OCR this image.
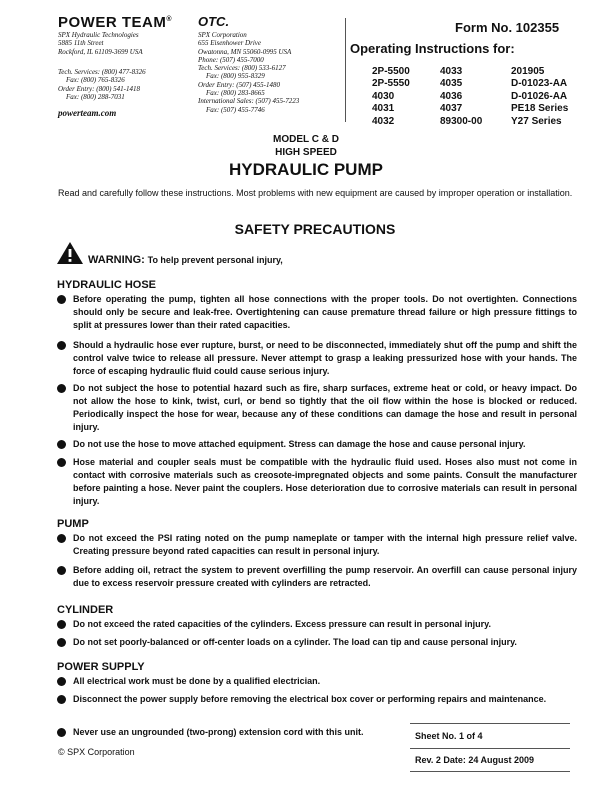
POWER TEAM®
SPX Hydraulic Technologies
5885 11th Street
Rockford, IL 61109-3699 USA
Tech. Services: (800) 477-8326
Fax: (800) 765-8326
Order Entry: (800) 541-1418
Fax: (800) 288-7031
powerteam.com
OTC.
SPX Corporation
655 Eisenhower Drive
Owatonna, MN 55060-0995 USA
Phone: (507) 455-7000
Tech. Services: (800) 533-6127
Fax: (800) 955-8329
Order Entry: (507) 455-1480
Fax: (800) 283-8665
International Sales: (507) 455-7223
Fax: (507) 455-7746
Form No. 102355
Operating Instructions for:
2P-5500
2P-5550
4030
4031
4032
4033
4035
4036
4037
89300-00
201905
D-01023-AA
D-01026-AA
PE18 Series
Y27 Series
MODEL C & D
HIGH SPEED
HYDRAULIC PUMP
Read and carefully follow these instructions. Most problems with new equipment are caused by improper operation or installation.
SAFETY PRECAUTIONS
WARNING: To help prevent personal injury,
HYDRAULIC HOSE
Before operating the pump, tighten all hose connections with the proper tools. Do not overtighten. Connections should only be secure and leak-free. Overtightening can cause premature thread failure or high pressure fittings to split at pressures lower than their rated capacities.
Should a hydraulic hose ever rupture, burst, or need to be disconnected, immediately shut off the pump and shift the control valve twice to release all pressure. Never attempt to grasp a leaking pressurized hose with your hands. The force of escaping hydraulic fluid could cause serious injury.
Do not subject the hose to potential hazard such as fire, sharp surfaces, extreme heat or cold, or heavy impact. Do not allow the hose to kink, twist, curl, or bend so tightly that the oil flow within the hose is blocked or reduced. Periodically inspect the hose for wear, because any of these conditions can damage the hose and result in personal injury.
Do not use the hose to move attached equipment. Stress can damage the hose and cause personal injury.
Hose material and coupler seals must be compatible with the hydraulic fluid used. Hoses also must not come in contact with corrosive materials such as creosote-impregnated objects and some paints. Consult the manufacturer before painting a hose. Never paint the couplers. Hose deterioration due to corrosive materials can result in personal injury.
PUMP
Do not exceed the PSI rating noted on the pump nameplate or tamper with the internal high pressure relief valve. Creating pressure beyond rated capacities can result in personal injury.
Before adding oil, retract the system to prevent overfilling the pump reservoir. An overfill can cause personal injury due to excess reservoir pressure created with cylinders are retracted.
CYLINDER
Do not exceed the rated capacities of the cylinders. Excess pressure can result in personal injury.
Do not set poorly-balanced or off-center loads on a cylinder. The load can tip and cause personal injury.
POWER SUPPLY
All electrical work must be done by a qualified electrician.
Disconnect the power supply before removing the electrical box cover or performing repairs and maintenance.
Never use an ungrounded (two-prong) extension cord with this unit.
© SPX Corporation
Sheet No. 1 of 4
Rev. 2 Date: 24 August 2009
